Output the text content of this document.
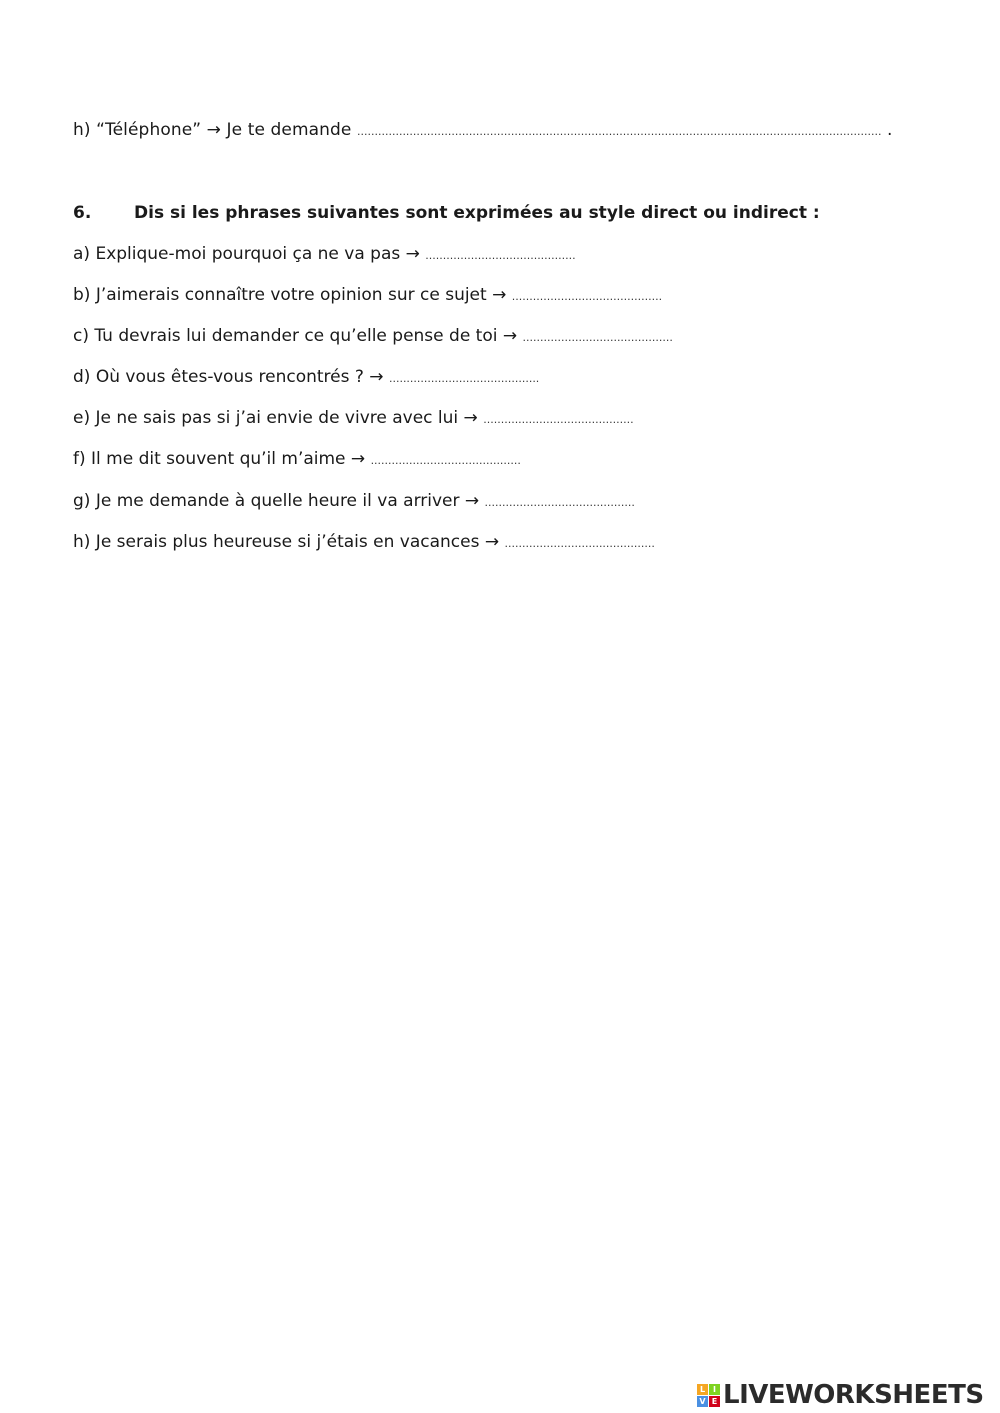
h) “Téléphone” → Je te demande ...................................................................................................................................................... .
6.	Dis si les phrases suivantes sont exprimées au style direct ou indirect :
a) Explique-moi pourquoi ça ne va pas → ...........................................
b) J’aimerais connaître votre opinion sur ce sujet → ...........................................
c) Tu devrais lui demander ce qu’elle pense de toi → ...........................................
d) Où vous êtes-vous rencontrés ? → ...........................................
e) Je ne sais pas si j’ai envie de vivre avec lui → ...........................................
f) Il me dit souvent qu’il m’aime → ...........................................
g) Je me demande à quelle heure il va arriver → ...........................................
h) Je serais plus heureuse si j’étais en vacances → ...........................................
L I
V E LIVEWORKSHEETS
